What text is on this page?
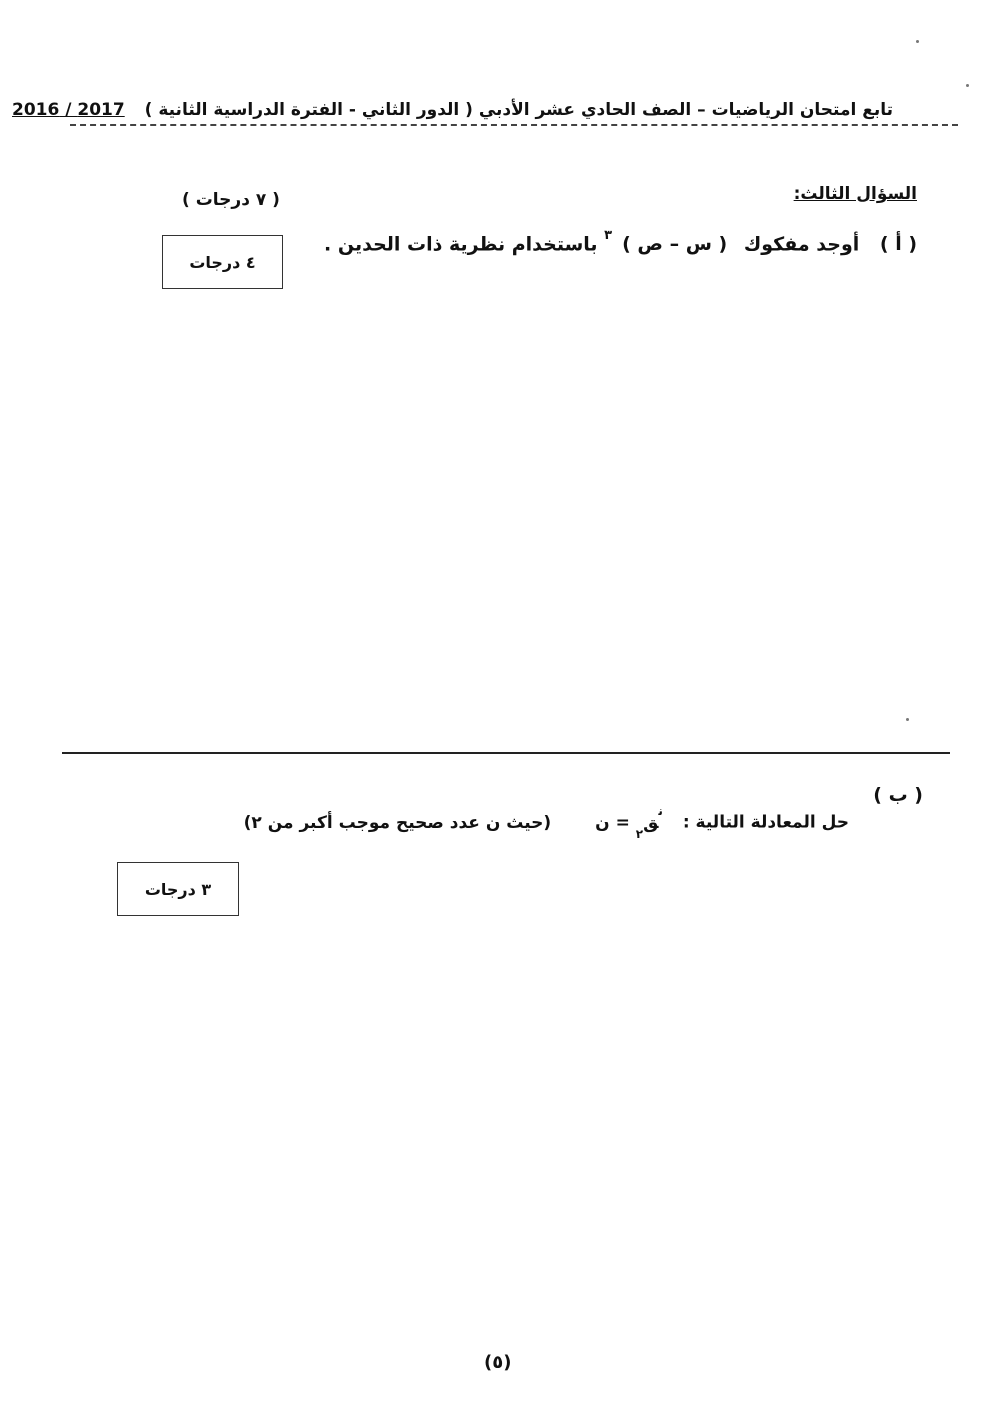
تابع امتحان الرياضيات – الصف الحادي عشر الأدبي ( الدور الثاني - الفترة الدراسية الثانية ) 2017 / 2016
السؤال الثالث:
( ٧ درجات )
( أ ) أوجد مفكوك ( س – ص )$^٣$ باستخدام نظرية ذات الحدين .
٤ درجات
( ب )
حل المعادلة التالية : $^ن$ق$_٢$ = ن (حيث ن عدد صحيح موجب أكبر من ٢)
٣ درجات
(٥)
